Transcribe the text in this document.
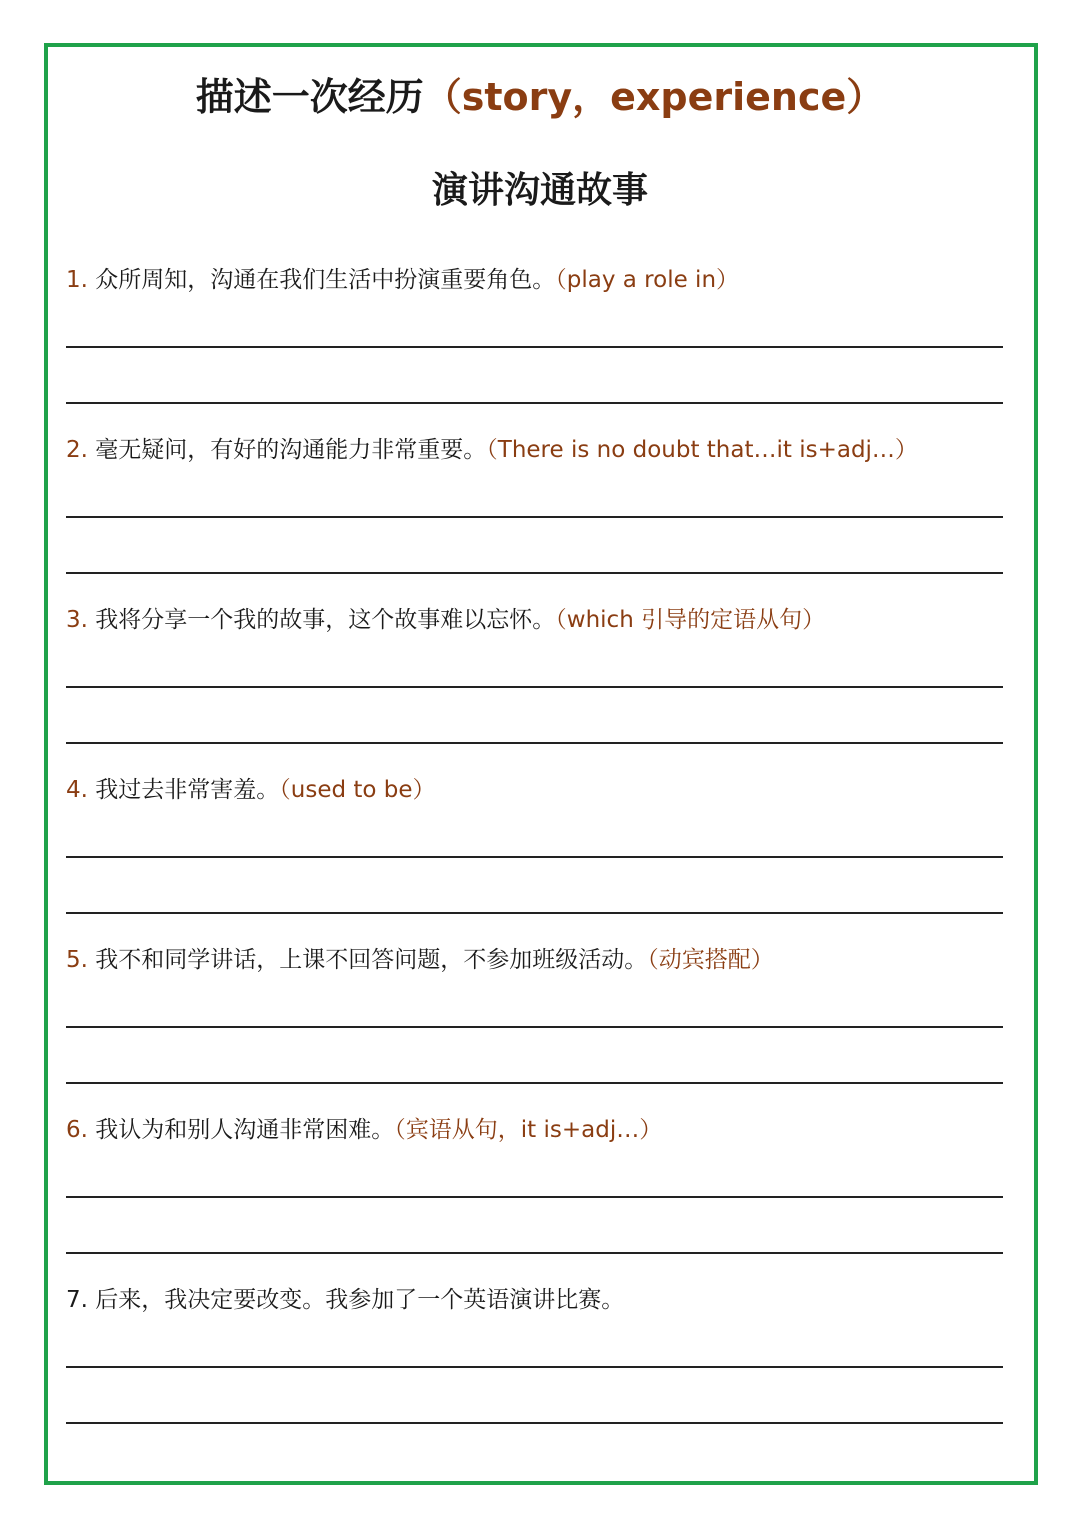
描述一次经历（story，experience）
演讲沟通故事
1. 众所周知，沟通在我们生活中扮演重要角色。（play a role in）
2. 毫无疑问，有好的沟通能力非常重要。（There is no doubt that…it is+adj…）
3. 我将分享一个我的故事，这个故事难以忘怀。（which 引导的定语从句）
4. 我过去非常害羞。（used to be）
5. 我不和同学讲话，上课不回答问题，不参加班级活动。（动宾搭配）
6. 我认为和别人沟通非常困难。（宾语从句，it is+adj…）
7. 后来，我决定要改变。我参加了一个英语演讲比赛。
